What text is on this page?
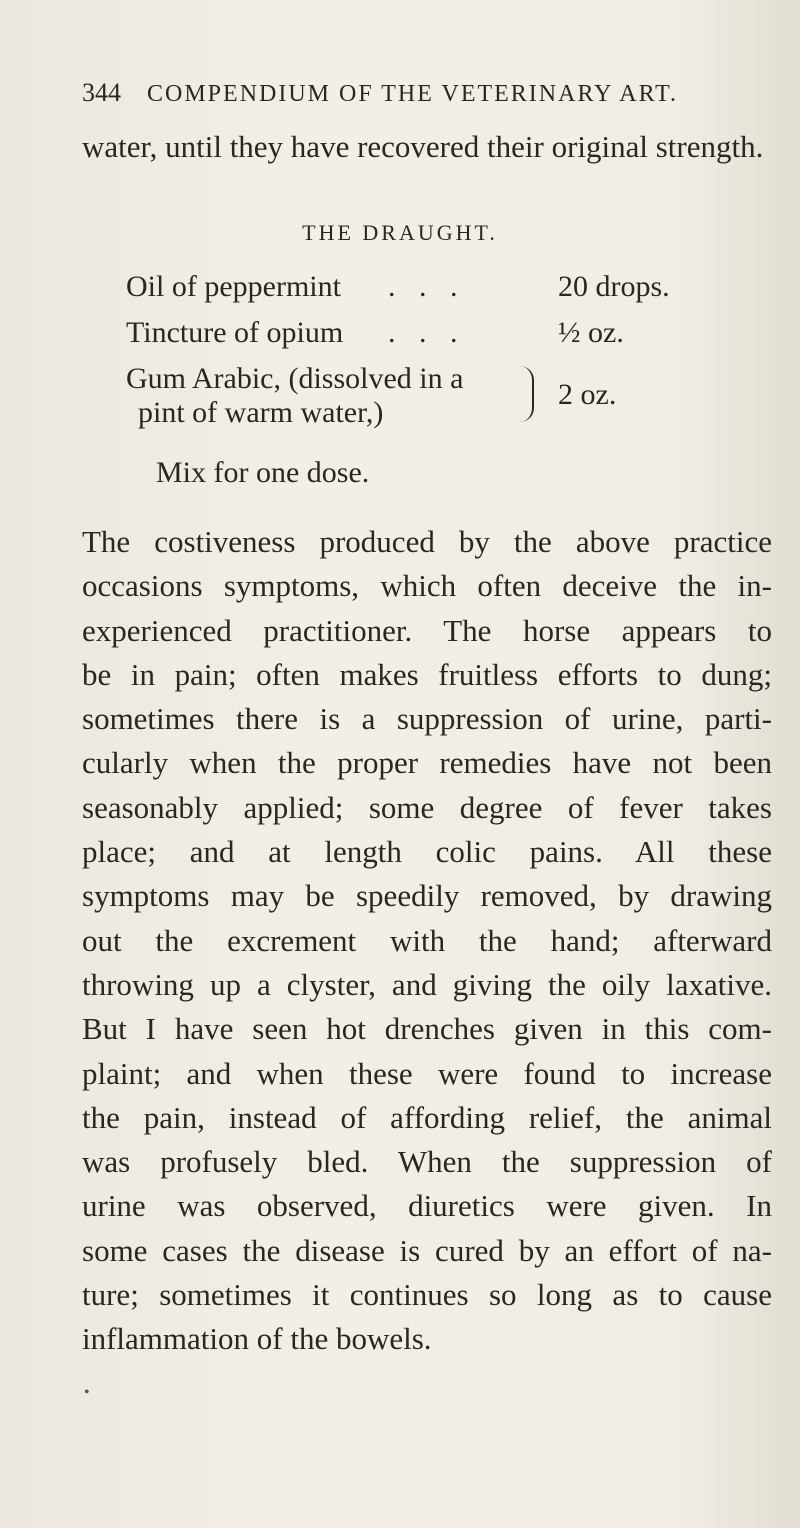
344 COMPENDIUM OF THE VETERINARY ART.

water, until they have recovered their original strength.

THE DRAUGHT.
Oil of peppermint . . .	20 drops.
Tincture of opium . . .	½ oz.
Gum Arabic, (dissolved in a
pint of warm water,)
2 oz.
Mix for one dose.

The costiveness produced by the above practice
occasions symptoms, which often deceive the in-
experienced practitioner. The horse appears to
be in pain; often makes fruitless efforts to dung;
sometimes there is a suppression of urine, parti-
cularly when the proper remedies have not been
seasonably applied; some degree of fever takes
place; and at length colic pains. All these
symptoms may be speedily removed, by drawing
out the excrement with the hand; afterward
throwing up a clyster, and giving the oily laxative.
But I have seen hot drenches given in this com-
plaint; and when these were found to increase
the pain, instead of affording relief, the animal
was profusely bled. When the suppression of
urine was observed, diuretics were given. In
some cases the disease is cured by an effort of na-
ture; sometimes it continues so long as to cause
inflammation of the bowels.

•
